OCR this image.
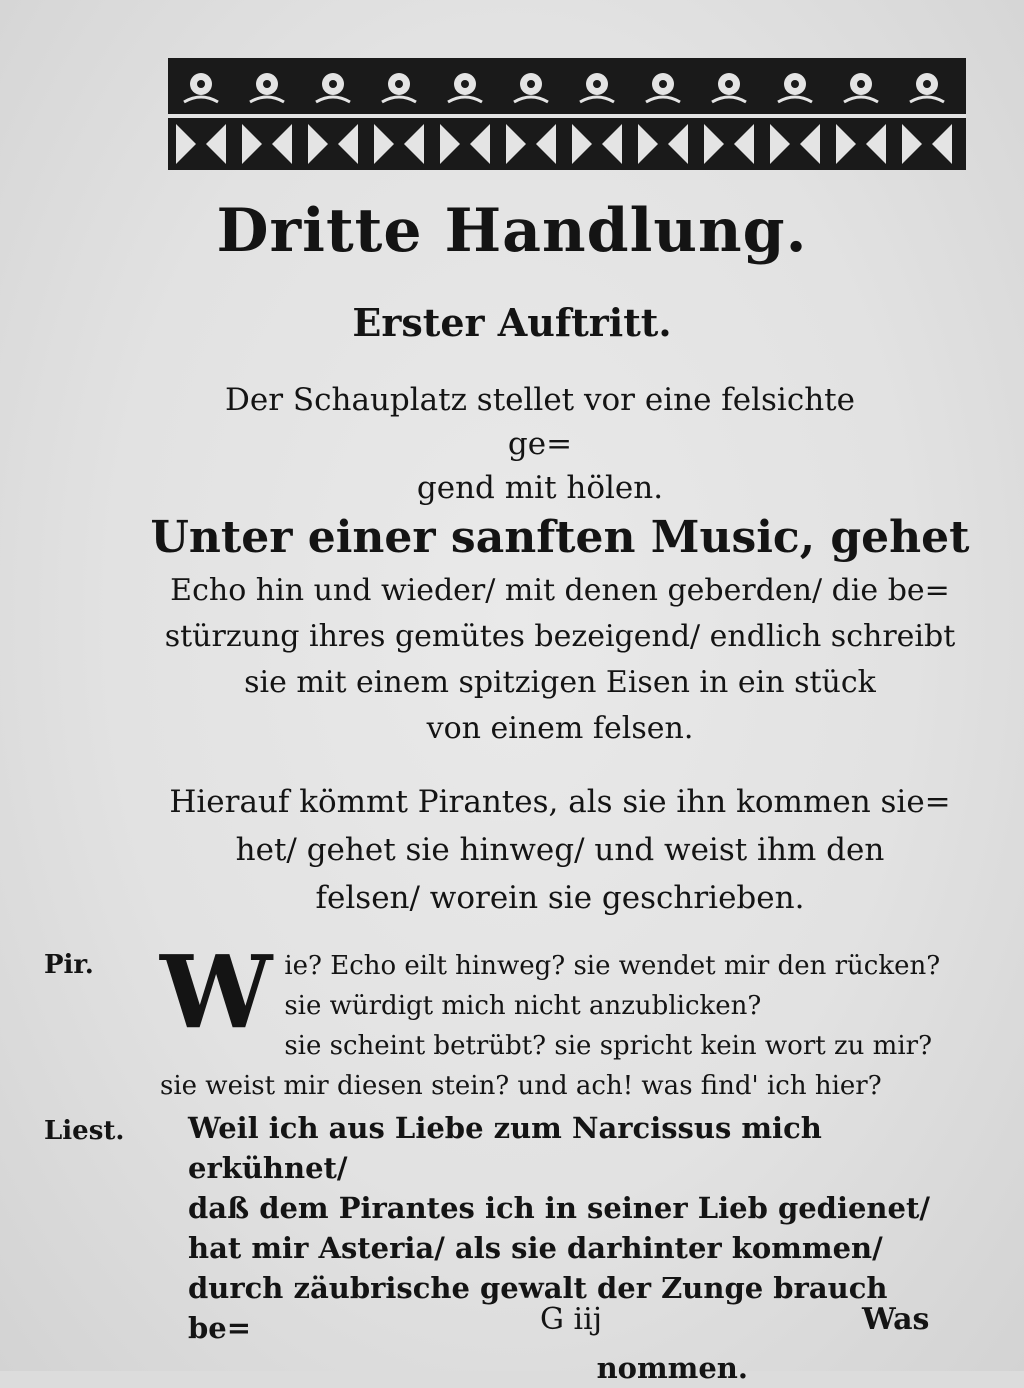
Dritte Handlung.
Erster Auftritt.
Der Schauplatz stellet vor eine felsichte ge=
gend mit hölen.
Unter einer sanften Music, gehet
Echo hin und wieder/ mit denen geberden/ die be=
stürzung ihres gemütes bezeigend/ endlich schreibt
sie mit einem spitzigen Eisen in ein stück
von einem felsen.
Hierauf kömmt Pirantes, als sie ihn kommen sie=
het/ gehet sie hinweg/ und weist ihm den
felsen/ worein sie geschrieben.

Pir. W ie? Echo eilt hinweg? sie wendet mir den rücken?
sie würdigt mich nicht anzublicken?
sie scheint betrübt? sie spricht kein wort zu mir?
sie weist mir diesen stein? und ach! was find' ich hier?

Liest. Weil ich aus Liebe zum Narcissus mich erkühnet/
daß dem Pirantes ich in seiner Lieb gedienet/
hat mir Asteria/ als sie darhinter kommen/
durch zäubrische gewalt der Zunge brauch be=
nommen.

G iij	Was
